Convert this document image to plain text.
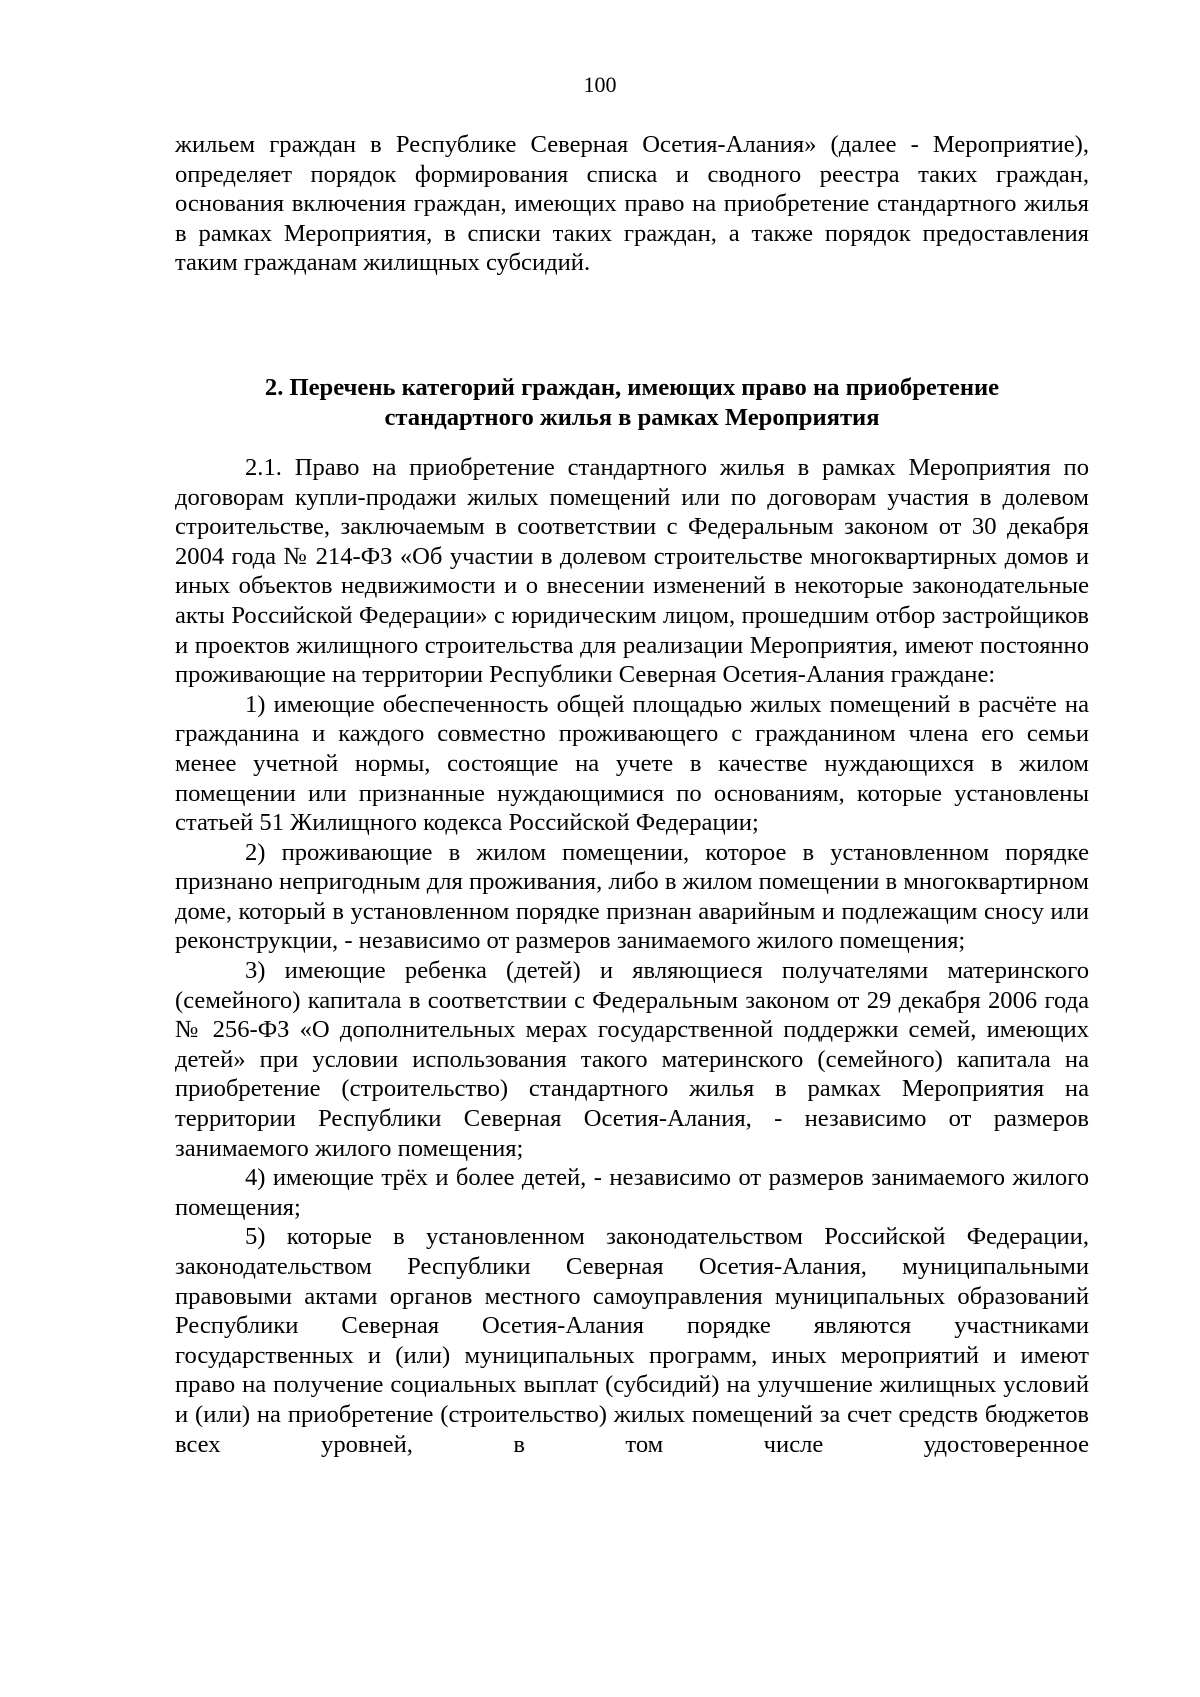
100

жильем граждан в Республике Северная Осетия-Алания» (далее - Мероприятие), определяет порядок формирования списка и сводного реестра таких граждан, основания включения граждан, имеющих право на приобретение стандартного жилья в рамках Мероприятия, в списки таких граждан, а также порядок предоставления таким гражданам жилищных субсидий.

2. Перечень категорий граждан, имеющих право на приобретение
стандартного жилья в рамках Мероприятия

2.1. Право на приобретение стандартного жилья в рамках Мероприятия по договорам купли-продажи жилых помещений или по договорам участия в долевом строительстве, заключаемым в соответствии с Федеральным законом от 30 декабря 2004 года № 214-ФЗ «Об участии в долевом строительстве многоквартирных домов и иных объектов недвижимости и о внесении изменений в некоторые законодательные акты Российской Федерации» с юридическим лицом, прошедшим отбор застройщиков и проектов жилищного строительства для реализации Мероприятия, имеют постоянно проживающие на территории Республики Северная Осетия-Алания граждане:

1) имеющие обеспеченность общей площадью жилых помещений в расчёте на гражданина и каждого совместно проживающего с гражданином члена его семьи менее учетной нормы, состоящие на учете в качестве нуждающихся в жилом помещении или признанные нуждающимися по основаниям, которые установлены статьей 51 Жилищного кодекса Российской Федерации;

2) проживающие в жилом помещении, которое в установленном порядке признано непригодным для проживания, либо в жилом помещении в многоквартирном доме, который в установленном порядке признан аварийным и подлежащим сносу или реконструкции, - независимо от размеров занимаемого жилого помещения;

3) имеющие ребенка (детей) и являющиеся получателями материнского (семейного) капитала в соответствии с Федеральным законом от 29 декабря 2006 года № 256-ФЗ «О дополнительных мерах государственной поддержки семей, имеющих детей» при условии использования такого материнского (семейного) капитала на приобретение (строительство) стандартного жилья в рамках Мероприятия на территории Республики Северная Осетия-Алания, - независимо от размеров занимаемого жилого помещения;

4) имеющие трёх и более детей, - независимо от размеров занимаемого жилого помещения;

5) которые в установленном законодательством Российской Федерации, законодательством Республики Северная Осетия-Алания, муниципальными правовыми актами органов местного самоуправления муниципальных образований Республики Северная Осетия-Алания порядке являются участниками государственных и (или) муниципальных программ, иных мероприятий и имеют право на получение социальных выплат (субсидий) на улучшение жилищных условий и (или) на приобретение (строительство) жилых помещений за счет средств бюджетов всех уровней, в том числе удостоверенное
